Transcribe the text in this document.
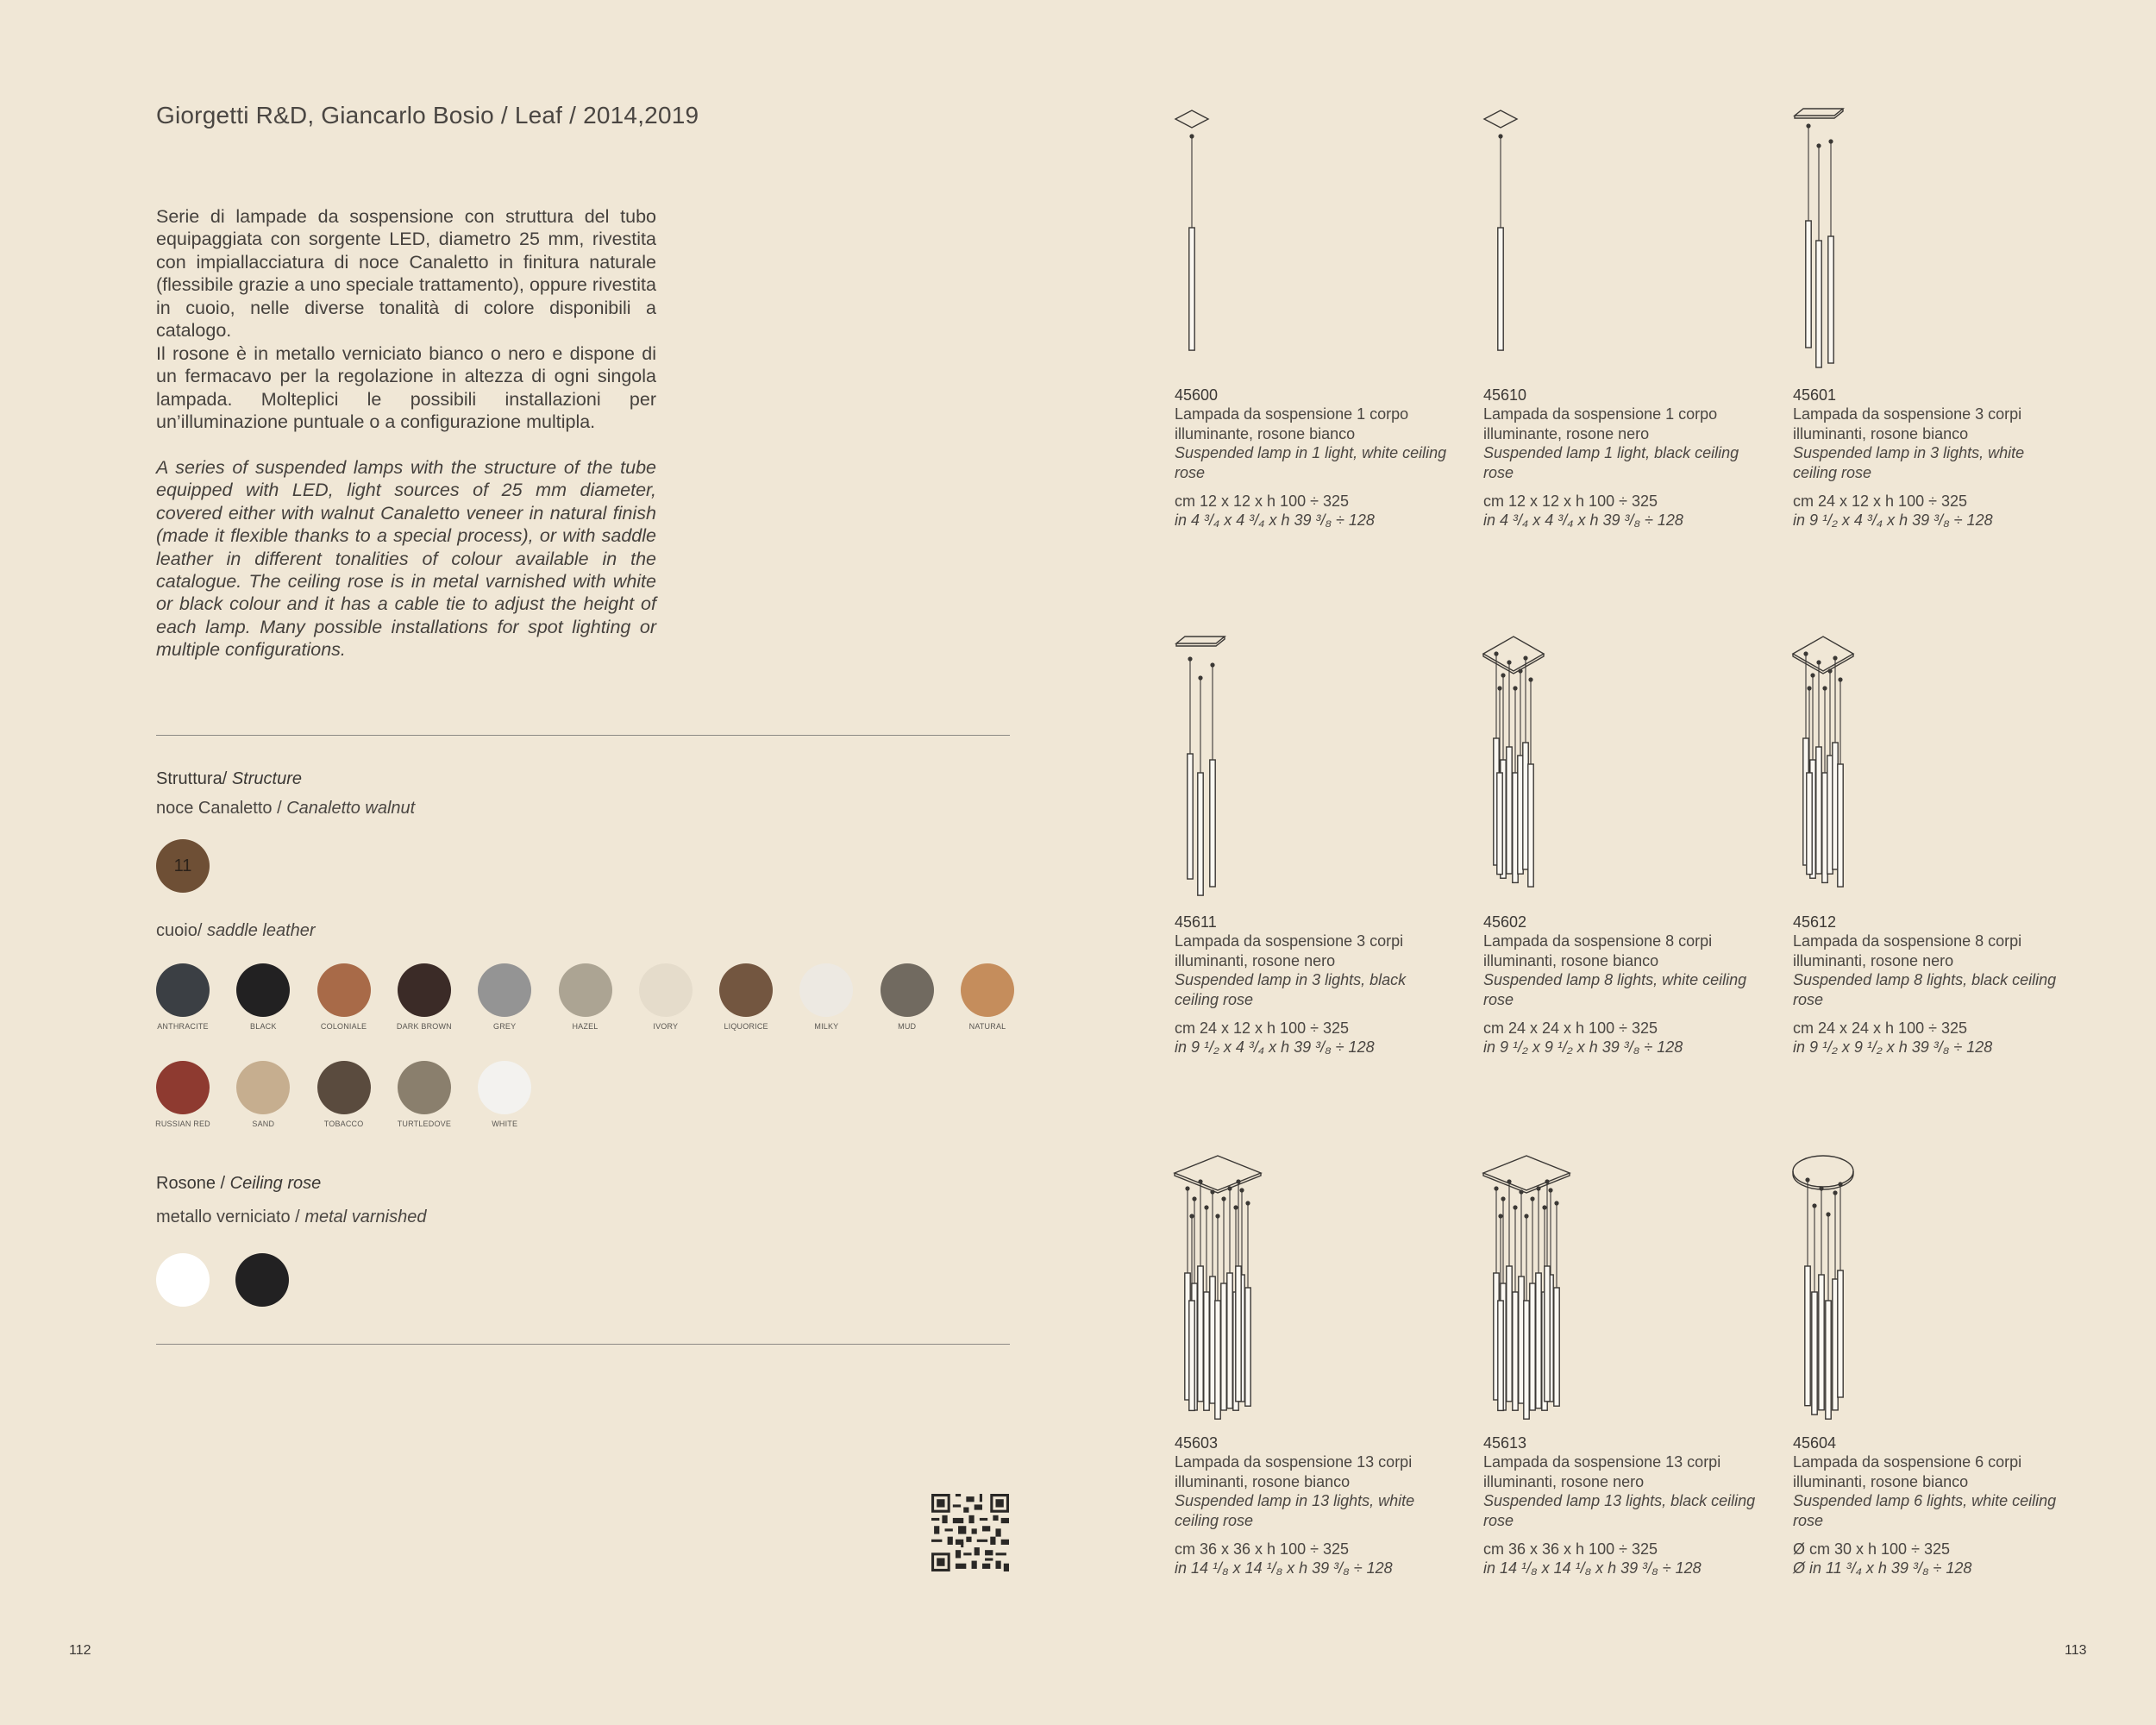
Giorgetti R&D, Giancarlo Bosio / Leaf / 2014,2019
Serie di lampade da sospensione con struttura del tubo equipaggiata con sorgente LED, diametro 25 mm, rivestita con impiallacciatura di noce Canaletto in finitura naturale (flessibile grazie a uno speciale trattamento), oppure rivestita in cuoio, nelle diverse tonalità di colore disponibili a catalogo.
Il rosone è in metallo verniciato bianco o nero e dispone di un fermacavo per la regolazione in altezza di ogni singola lampada. Molteplici le possibili installazioni per un’illuminazione puntuale o a configurazione multipla.
A series of suspended lamps with the structure of the tube equipped with LED, light sources of 25 mm diameter, covered either with walnut Canaletto veneer in natural finish (made it flexible thanks to a special process), or with saddle leather in different tonalities of colour available in the catalogue. The ceiling rose is in metal varnished with white or black colour and it has a cable tie to adjust the height of each lamp. Many possible installations for spot lighting or multiple configurations.
Struttura/ Structure
noce Canaletto / Canaletto walnut
11
cuoio/ saddle leather
ANTHRACITE	BLACK	COLONIALE	DARK BROWN	GREY	HAZEL	IVORY	LIQUORICE	MILKY	MUD	NATURAL
RUSSIAN RED	SAND	TOBACCO	TURTLEDOVE	WHITE
Rosone / Ceiling rose
metallo verniciato / metal varnished
45600
Lampada da sospensione 1 corpo illuminante, rosone bianco
Suspended lamp in 1 light, white ceiling rose
cm 12 x 12 x h 100 ÷ 325
in 4 ³/₄ x 4 ³/₄ x h 39 ³/₈ ÷ 128
45610
Lampada da sospensione 1 corpo illuminante, rosone nero
Suspended lamp 1 light, black ceiling rose
cm 12 x 12 x h 100 ÷ 325
in 4 ³/₄ x 4 ³/₄ x h 39 ³/₈ ÷ 128
45601
Lampada da sospensione 3 corpi illuminanti, rosone bianco
Suspended lamp in 3 lights, white ceiling rose
cm 24 x 12 x h 100 ÷ 325
in 9 ¹/₂ x 4 ³/₄ x h 39 ³/₈ ÷ 128
45611
Lampada da sospensione 3 corpi illuminanti, rosone nero
Suspended lamp in 3 lights, black ceiling rose
cm 24 x 12 x h 100 ÷ 325
in 9 ¹/₂ x 4 ³/₄ x h 39 ³/₈ ÷ 128
45602
Lampada da sospensione 8 corpi illuminanti, rosone bianco
Suspended lamp 8 lights, white ceiling rose
cm 24 x 24 x h 100 ÷ 325
in 9 ¹/₂ x 9 ¹/₂ x h 39 ³/₈ ÷ 128
45612
Lampada da sospensione 8 corpi illuminanti, rosone nero
Suspended lamp 8 lights, black ceiling rose
cm 24 x 24 x h 100 ÷ 325
in 9 ¹/₂ x 9 ¹/₂ x h 39 ³/₈ ÷ 128
45603
Lampada da sospensione 13 corpi illuminanti, rosone bianco
Suspended lamp in 13 lights, white ceiling rose
cm 36 x 36 x h 100 ÷ 325
in 14 ¹/₈ x 14 ¹/₈ x h 39 ³/₈ ÷ 128
45613
Lampada da sospensione 13 corpi illuminanti, rosone nero
Suspended lamp 13 lights, black ceiling rose
cm 36 x 36 x h 100 ÷ 325
in 14 ¹/₈ x 14 ¹/₈ x h 39 ³/₈ ÷ 128
45604
Lampada da sospensione 6 corpi illuminanti, rosone bianco
Suspended lamp 6 lights, white ceiling rose
Ø cm 30 x h 100 ÷ 325
Ø in 11 ³/₄ x h 39 ³/₈ ÷ 128
112	113
